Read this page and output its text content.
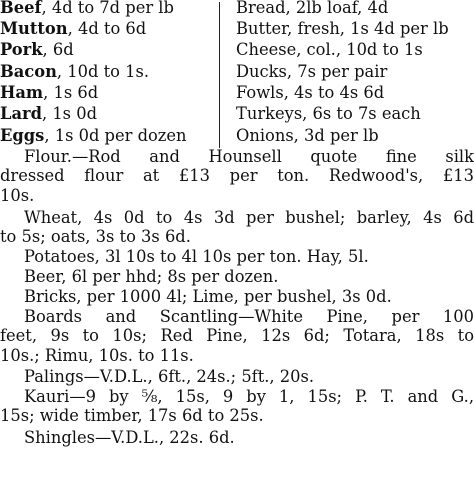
Beef, 4d to 7d per lb
Mutton, 4d to 6d
Pork, 6d
Bacon, 10d to 1s.
Ham, 1s 6d
Lard, 1s 0d
Eggs, 1s 0d per dozen
Bread, 2lb loaf, 4d
Butter, fresh, 1s 4d per lb
Cheese, col., 10d to 1s
Ducks, 7s per pair
Fowls, 4s to 4s 6d
Turkeys, 6s to 7s each
Onions, 3d per lb
Flour.—Rod and Hounsell quote fine silk
dressed flour at £13 per ton. Redwood's, £13
10s.
Wheat, 4s 0d to 4s 3d per bushel; barley, 4s 6d
to 5s; oats, 3s to 3s 6d.
Potatoes, 3l 10s to 4l 10s per ton. Hay, 5l.
Beer, 6l per hhd; 8s per dozen.
Bricks, per 1000 4l; Lime, per bushel, 3s 0d.
Boards and Scantling—White Pine, per 100
feet, 9s to 10s; Red Pine, 12s 6d; Totara, 18s to
10s.; Rimu, 10s. to 11s.
Palings—V.D.L., 6ft., 24s.; 5ft., 20s.
Kauri—9 by ⅝, 15s, 9 by 1, 15s; P. T. and G.,
15s; wide timber, 17s 6d to 25s.
Shingles—V.D.L., 22s. 6d.
